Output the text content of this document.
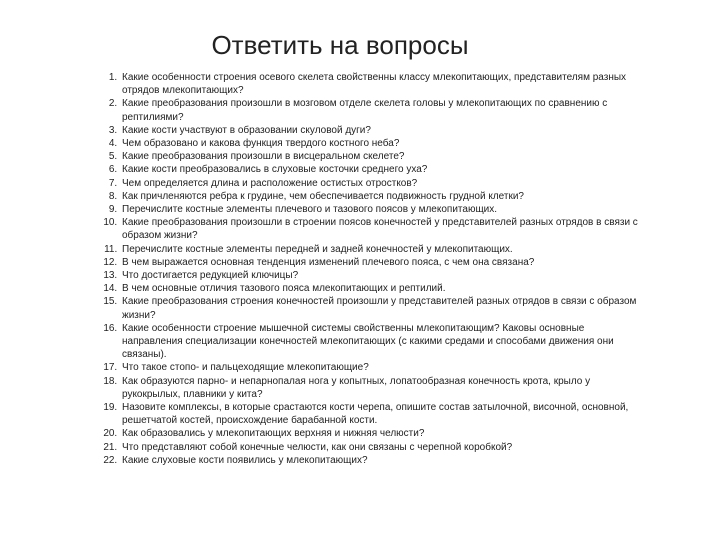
Ответить на вопросы
1. Какие особенности строения осевого скелета свойственны классу млекопитающих, представителям разных отрядов млекопитающих?
2. Какие преобразования произошли в мозговом отделе скелета головы у млекопитающих по сравнению с рептилиями?
3. Какие кости участвуют в образовании скуловой дуги?
4. Чем образовано и какова функция твердого костного неба?
5. Какие преобразования произошли в висцеральном скелете?
6. Какие кости преобразовались в слуховые косточки среднего уха?
7. Чем определяется длина и расположение остистых отростков?
8. Как причленяются ребра к грудине, чем обеспечивается подвижность грудной клетки?
9. Перечислите костные элементы плечевого и тазового поясов у млекопитающих.
10. Какие преобразования произошли в строении поясов конечностей у представителей разных отрядов в связи с образом жизни?
11. Перечислите костные элементы передней и задней конечностей у млекопитающих.
12. В чем выражается основная тенденция изменений плечевого пояса, с чем она связана?
13. Что достигается редукцией ключицы?
14. В чем основные отличия тазового пояса млекопитающих и рептилий.
15. Какие преобразования строения конечностей произошли у представителей разных отрядов в связи с образом жизни?
16. Какие особенности строение мышечной системы свойственны млекопитающим? Каковы основные направления специализации конечностей млекопитающих (с какими средами и способами движения они связаны).
17. Что такое стопо- и пальцеходящие млекопитающие?
18. Как образуются парно- и непарнопалая нога у копытных, лопатообразная конечность крота, крыло у рукокрылых, плавники у кита?
19. Назовите комплексы, в которые срастаются кости черепа, опишите состав затылочной, височной, основной, решетчатой костей, происхождение барабанной кости.
20. Как образовались у млекопитающих верхняя и нижняя челюсти?
21. Что представляют собой конечные челюсти, как они связаны с черепной коробкой?
22. Какие слуховые кости появились у млекопитающих?
